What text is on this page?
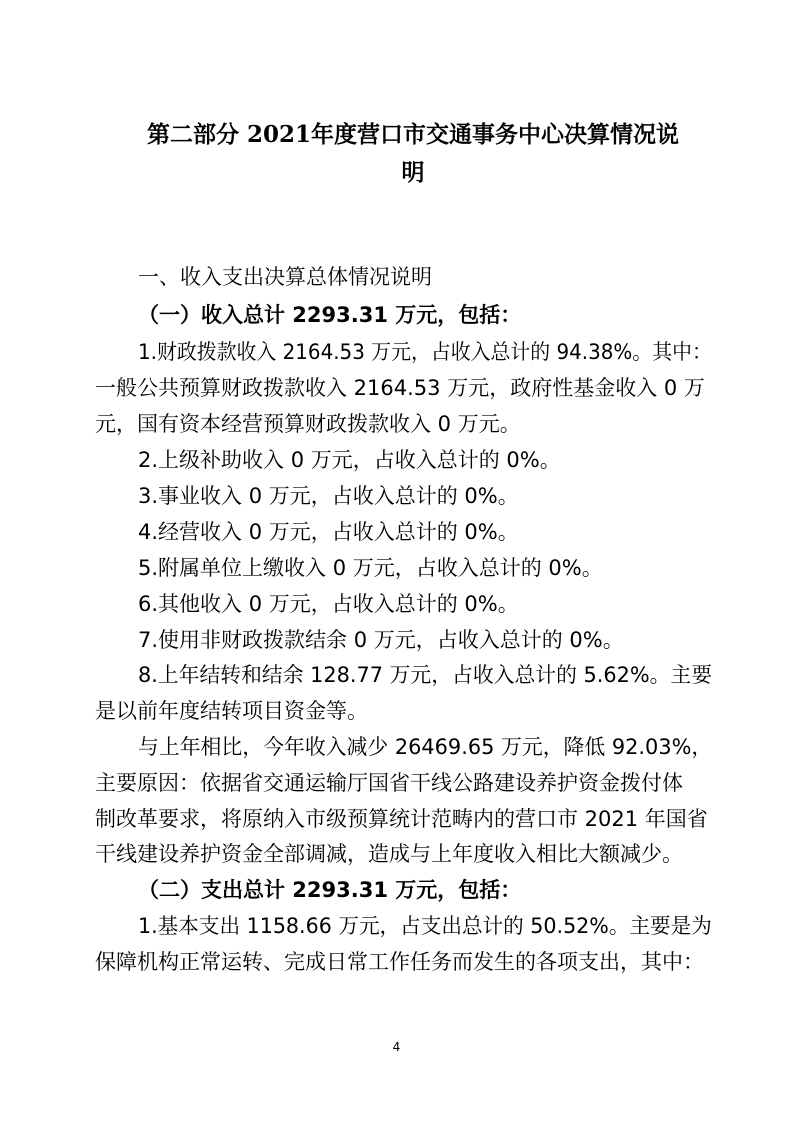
第二部分 2021年度营口市交通事务中心决算情况说
明
一、收入支出决算总体情况说明
（一）收入总计 2293.31 万元，包括：
1.财政拨款收入 2164.53 万元，占收入总计的 94.38%。其中：
一般公共预算财政拨款收入 2164.53 万元，政府性基金收入 0 万
元，国有资本经营预算财政拨款收入 0 万元。
2.上级补助收入 0 万元，占收入总计的 0%。
3.事业收入 0 万元，占收入总计的 0%。
4.经营收入 0 万元，占收入总计的 0%。
5.附属单位上缴收入 0 万元，占收入总计的 0%。
6.其他收入 0 万元，占收入总计的 0%。
7.使用非财政拨款结余 0 万元，占收入总计的 0%。
8.上年结转和结余 128.77 万元，占收入总计的 5.62%。主要
是以前年度结转项目资金等。
与上年相比，今年收入减少 26469.65 万元，降低 92.03%，
主要原因：依据省交通运输厅国省干线公路建设养护资金拨付体
制改革要求，将原纳入市级预算统计范畴内的营口市 2021 年国省
干线建设养护资金全部调减，造成与上年度收入相比大额减少。
（二）支出总计 2293.31 万元，包括：
1.基本支出 1158.66 万元，占支出总计的 50.52%。主要是为
保障机构正常运转、完成日常工作任务而发生的各项支出，其中：
4
